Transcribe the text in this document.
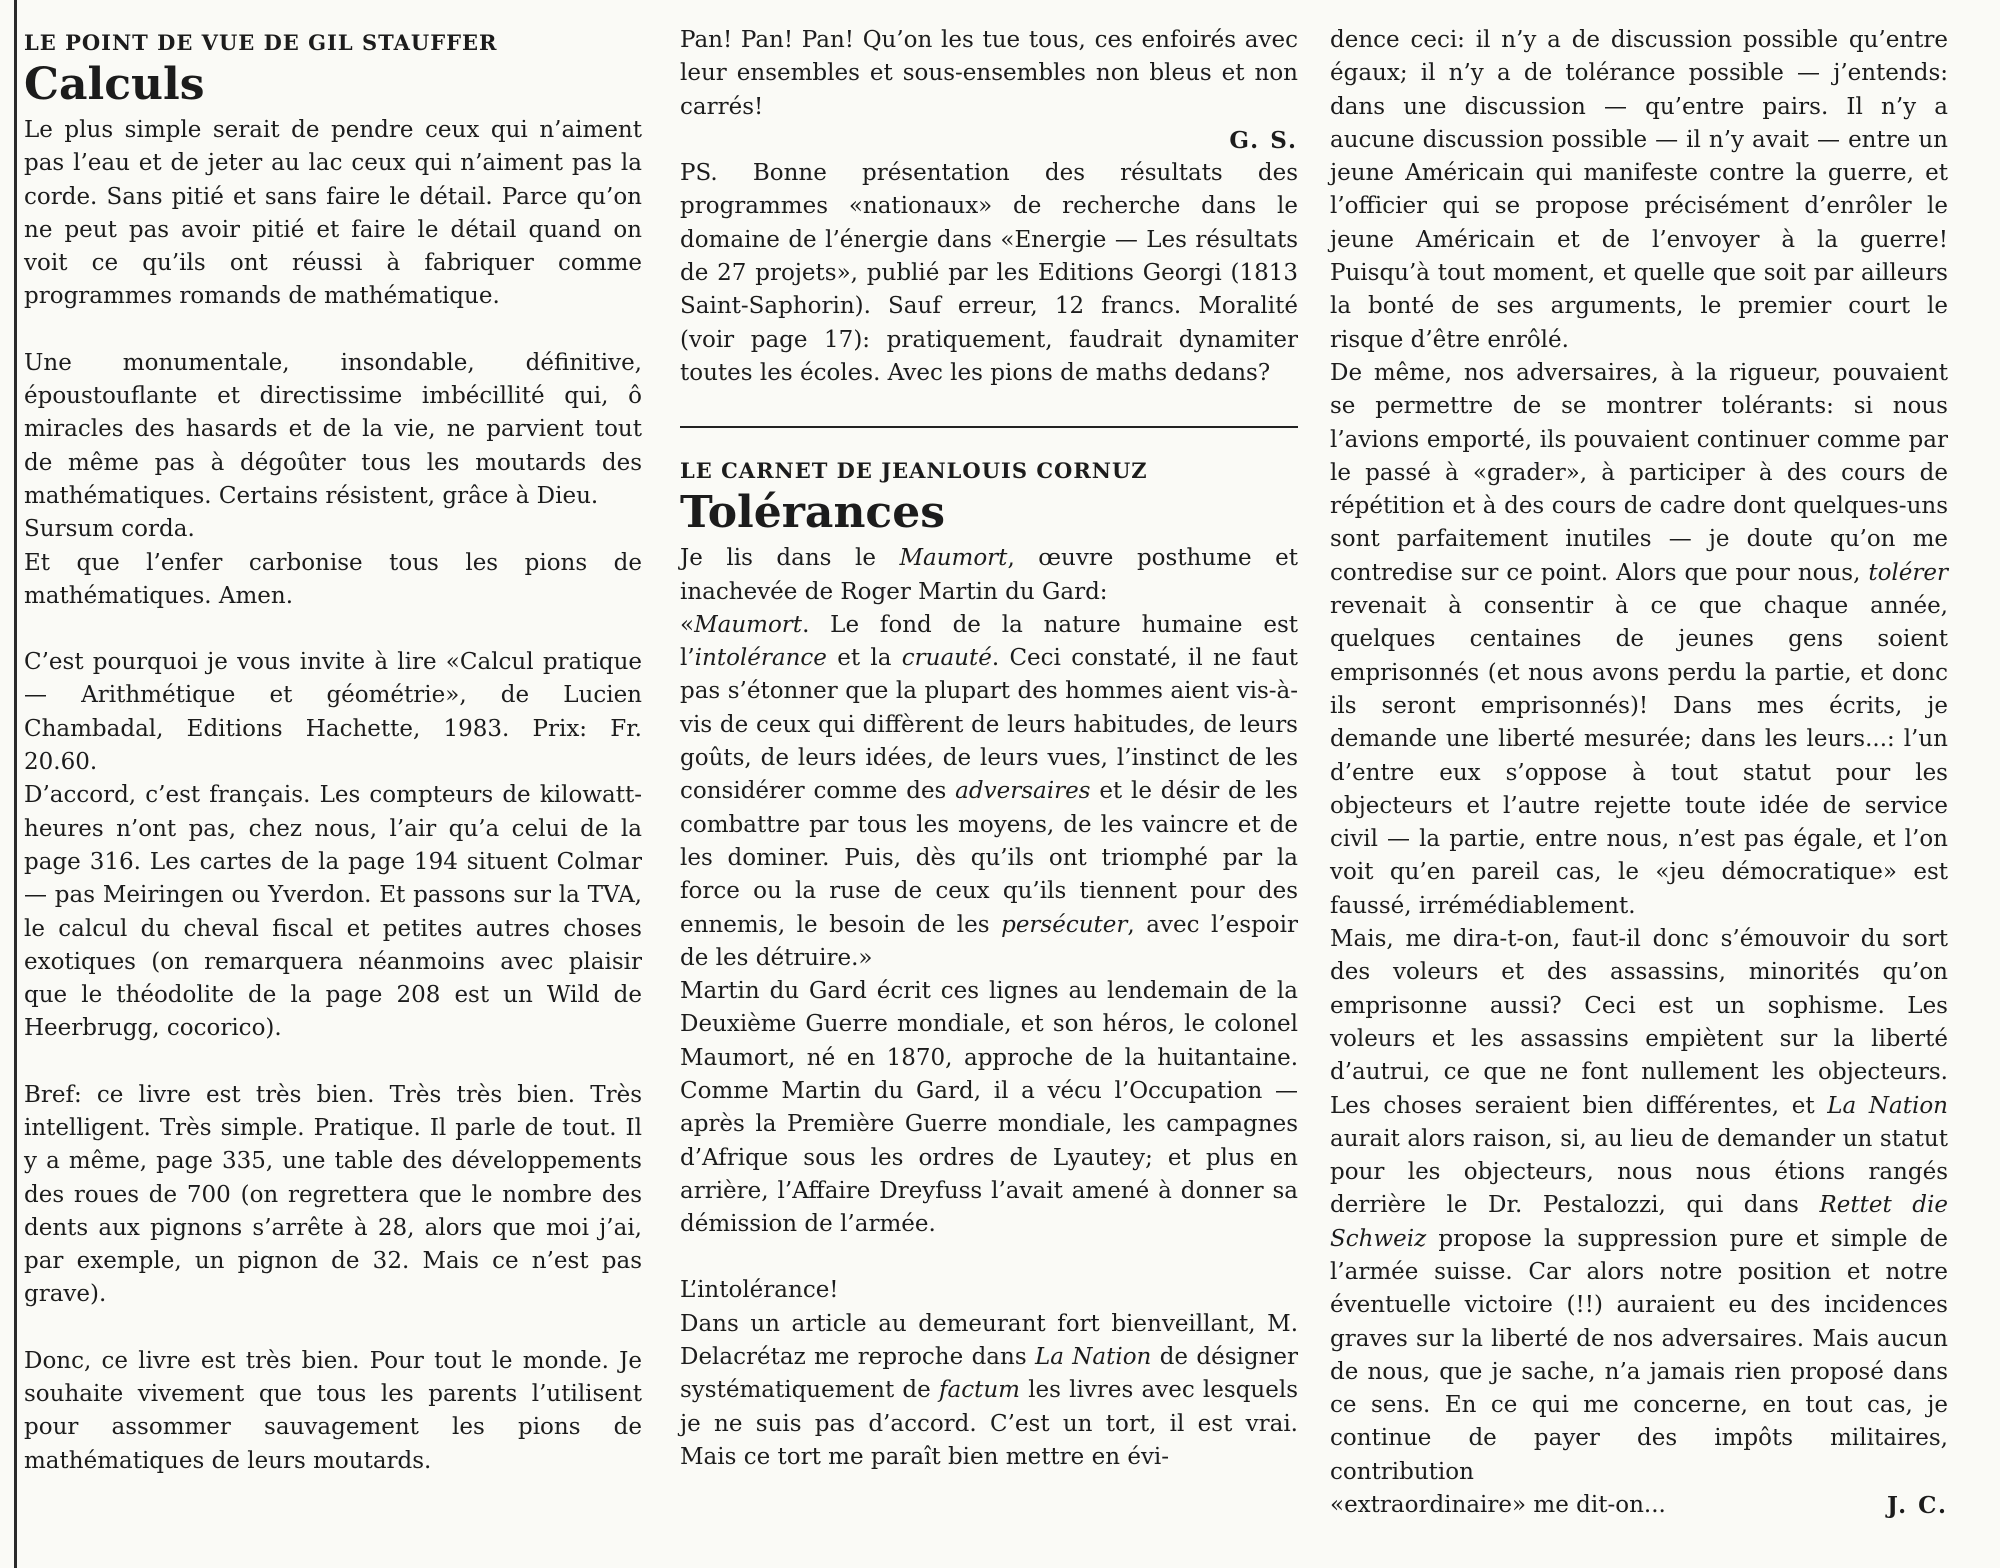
LE POINT DE VUE DE GIL STAUFFER
Calculs

Le plus simple serait de pendre ceux qui n’aiment pas l’eau et de jeter au lac ceux qui n’aiment pas la corde. Sans pitié et sans faire le détail. Parce qu’on ne peut pas avoir pitié et faire le détail quand on voit ce qu’ils ont réussi à fabriquer comme programmes romands de mathématique.

Une monumentale, insondable, définitive, époustouflante et directissime imbécillité qui, ô miracles des hasards et de la vie, ne parvient tout de même pas à dégoûter tous les moutards des mathématiques. Certains résistent, grâce à Dieu.

Sursum corda.

Et que l’enfer carbonise tous les pions de mathématiques. Amen.

C’est pourquoi je vous invite à lire «Calcul pratique — Arithmétique et géométrie», de Lucien Chambadal, Editions Hachette, 1983. Prix: Fr. 20.60.

D’accord, c’est français. Les compteurs de kilowatt-heures n’ont pas, chez nous, l’air qu’a celui de la page 316. Les cartes de la page 194 situent Colmar — pas Meiringen ou Yverdon. Et passons sur la TVA, le calcul du cheval fiscal et petites autres choses exotiques (on remarquera néanmoins avec plaisir que le théodolite de la page 208 est un Wild de Heerbrugg, cocorico).

Bref: ce livre est très bien. Très très bien. Très intelligent. Très simple. Pratique. Il parle de tout. Il y a même, page 335, une table des développements des roues de 700 (on regrettera que le nombre des dents aux pignons s’arrête à 28, alors que moi j’ai, par exemple, un pignon de 32. Mais ce n’est pas grave).

Donc, ce livre est très bien. Pour tout le monde. Je souhaite vivement que tous les parents l’utilisent pour assommer sauvagement les pions de mathématiques de leurs moutards.

Pan! Pan! Pan! Qu’on les tue tous, ces enfoirés avec leur ensembles et sous-ensembles non bleus et non carrés!

G. S.

PS. Bonne présentation des résultats des programmes «nationaux» de recherche dans le domaine de l’énergie dans «Energie — Les résultats de 27 projets», publié par les Editions Georgi (1813 Saint-Saphorin). Sauf erreur, 12 francs. Moralité (voir page 17): pratiquement, faudrait dynamiter toutes les écoles. Avec les pions de maths dedans?

LE CARNET DE JEANLOUIS CORNUZ
Tolérances

Je lis dans le Maumort, œuvre posthume et inachevée de Roger Martin du Gard:

«Maumort. Le fond de la nature humaine est l’intolérance et la cruauté. Ceci constaté, il ne faut pas s’étonner que la plupart des hommes aient vis-à-vis de ceux qui diffèrent de leurs habitudes, de leurs goûts, de leurs idées, de leurs vues, l’instinct de les considérer comme des adversaires et le désir de les combattre par tous les moyens, de les vaincre et de les dominer. Puis, dès qu’ils ont triomphé par la force ou la ruse de ceux qu’ils tiennent pour des ennemis, le besoin de les persécuter, avec l’espoir de les détruire.»

Martin du Gard écrit ces lignes au lendemain de la Deuxième Guerre mondiale, et son héros, le colonel Maumort, né en 1870, approche de la huitantaine. Comme Martin du Gard, il a vécu l’Occupation — après la Première Guerre mondiale, les campagnes d’Afrique sous les ordres de Lyautey; et plus en arrière, l’Affaire Dreyfuss l’avait amené à donner sa démission de l’armée.

L’intolérance!

Dans un article au demeurant fort bienveillant, M. Delacrétaz me reproche dans La Nation de désigner systématiquement de factum les livres avec lesquels je ne suis pas d’accord. C’est un tort, il est vrai. Mais ce tort me paraît bien mettre en évi-

dence ceci: il n’y a de discussion possible qu’entre égaux; il n’y a de tolérance possible — j’entends: dans une discussion — qu’entre pairs. Il n’y a aucune discussion possible — il n’y avait — entre un jeune Américain qui manifeste contre la guerre, et l’officier qui se propose précisément d’enrôler le jeune Américain et de l’envoyer à la guerre! Puisqu’à tout moment, et quelle que soit par ailleurs la bonté de ses arguments, le premier court le risque d’être enrôlé.

De même, nos adversaires, à la rigueur, pouvaient se permettre de se montrer tolérants: si nous l’avions emporté, ils pouvaient continuer comme par le passé à «grader», à participer à des cours de répétition et à des cours de cadre dont quelques-uns sont parfaitement inutiles — je doute qu’on me contredise sur ce point. Alors que pour nous, tolérer revenait à consentir à ce que chaque année, quelques centaines de jeunes gens soient emprisonnés (et nous avons perdu la partie, et donc ils seront emprisonnés)! Dans mes écrits, je demande une liberté mesurée; dans les leurs...: l’un d’entre eux s’oppose à tout statut pour les objecteurs et l’autre rejette toute idée de service civil — la partie, entre nous, n’est pas égale, et l’on voit qu’en pareil cas, le «jeu démocratique» est faussé, irrémédiablement.

Mais, me dira-t-on, faut-il donc s’émouvoir du sort des voleurs et des assassins, minorités qu’on emprisonne aussi? Ceci est un sophisme. Les voleurs et les assassins empiètent sur la liberté d’autrui, ce que ne font nullement les objecteurs. Les choses seraient bien différentes, et La Nation aurait alors raison, si, au lieu de demander un statut pour les objecteurs, nous nous étions rangés derrière le Dr. Pestalozzi, qui dans Rettet die Schweiz propose la suppression pure et simple de l’armée suisse. Car alors notre position et notre éventuelle victoire (!!) auraient eu des incidences graves sur la liberté de nos adversaires. Mais aucun de nous, que je sache, n’a jamais rien proposé dans ce sens. En ce qui me concerne, en tout cas, je continue de payer des impôts militaires, contribution

«extraordinaire» me dit-on...	J. C.
